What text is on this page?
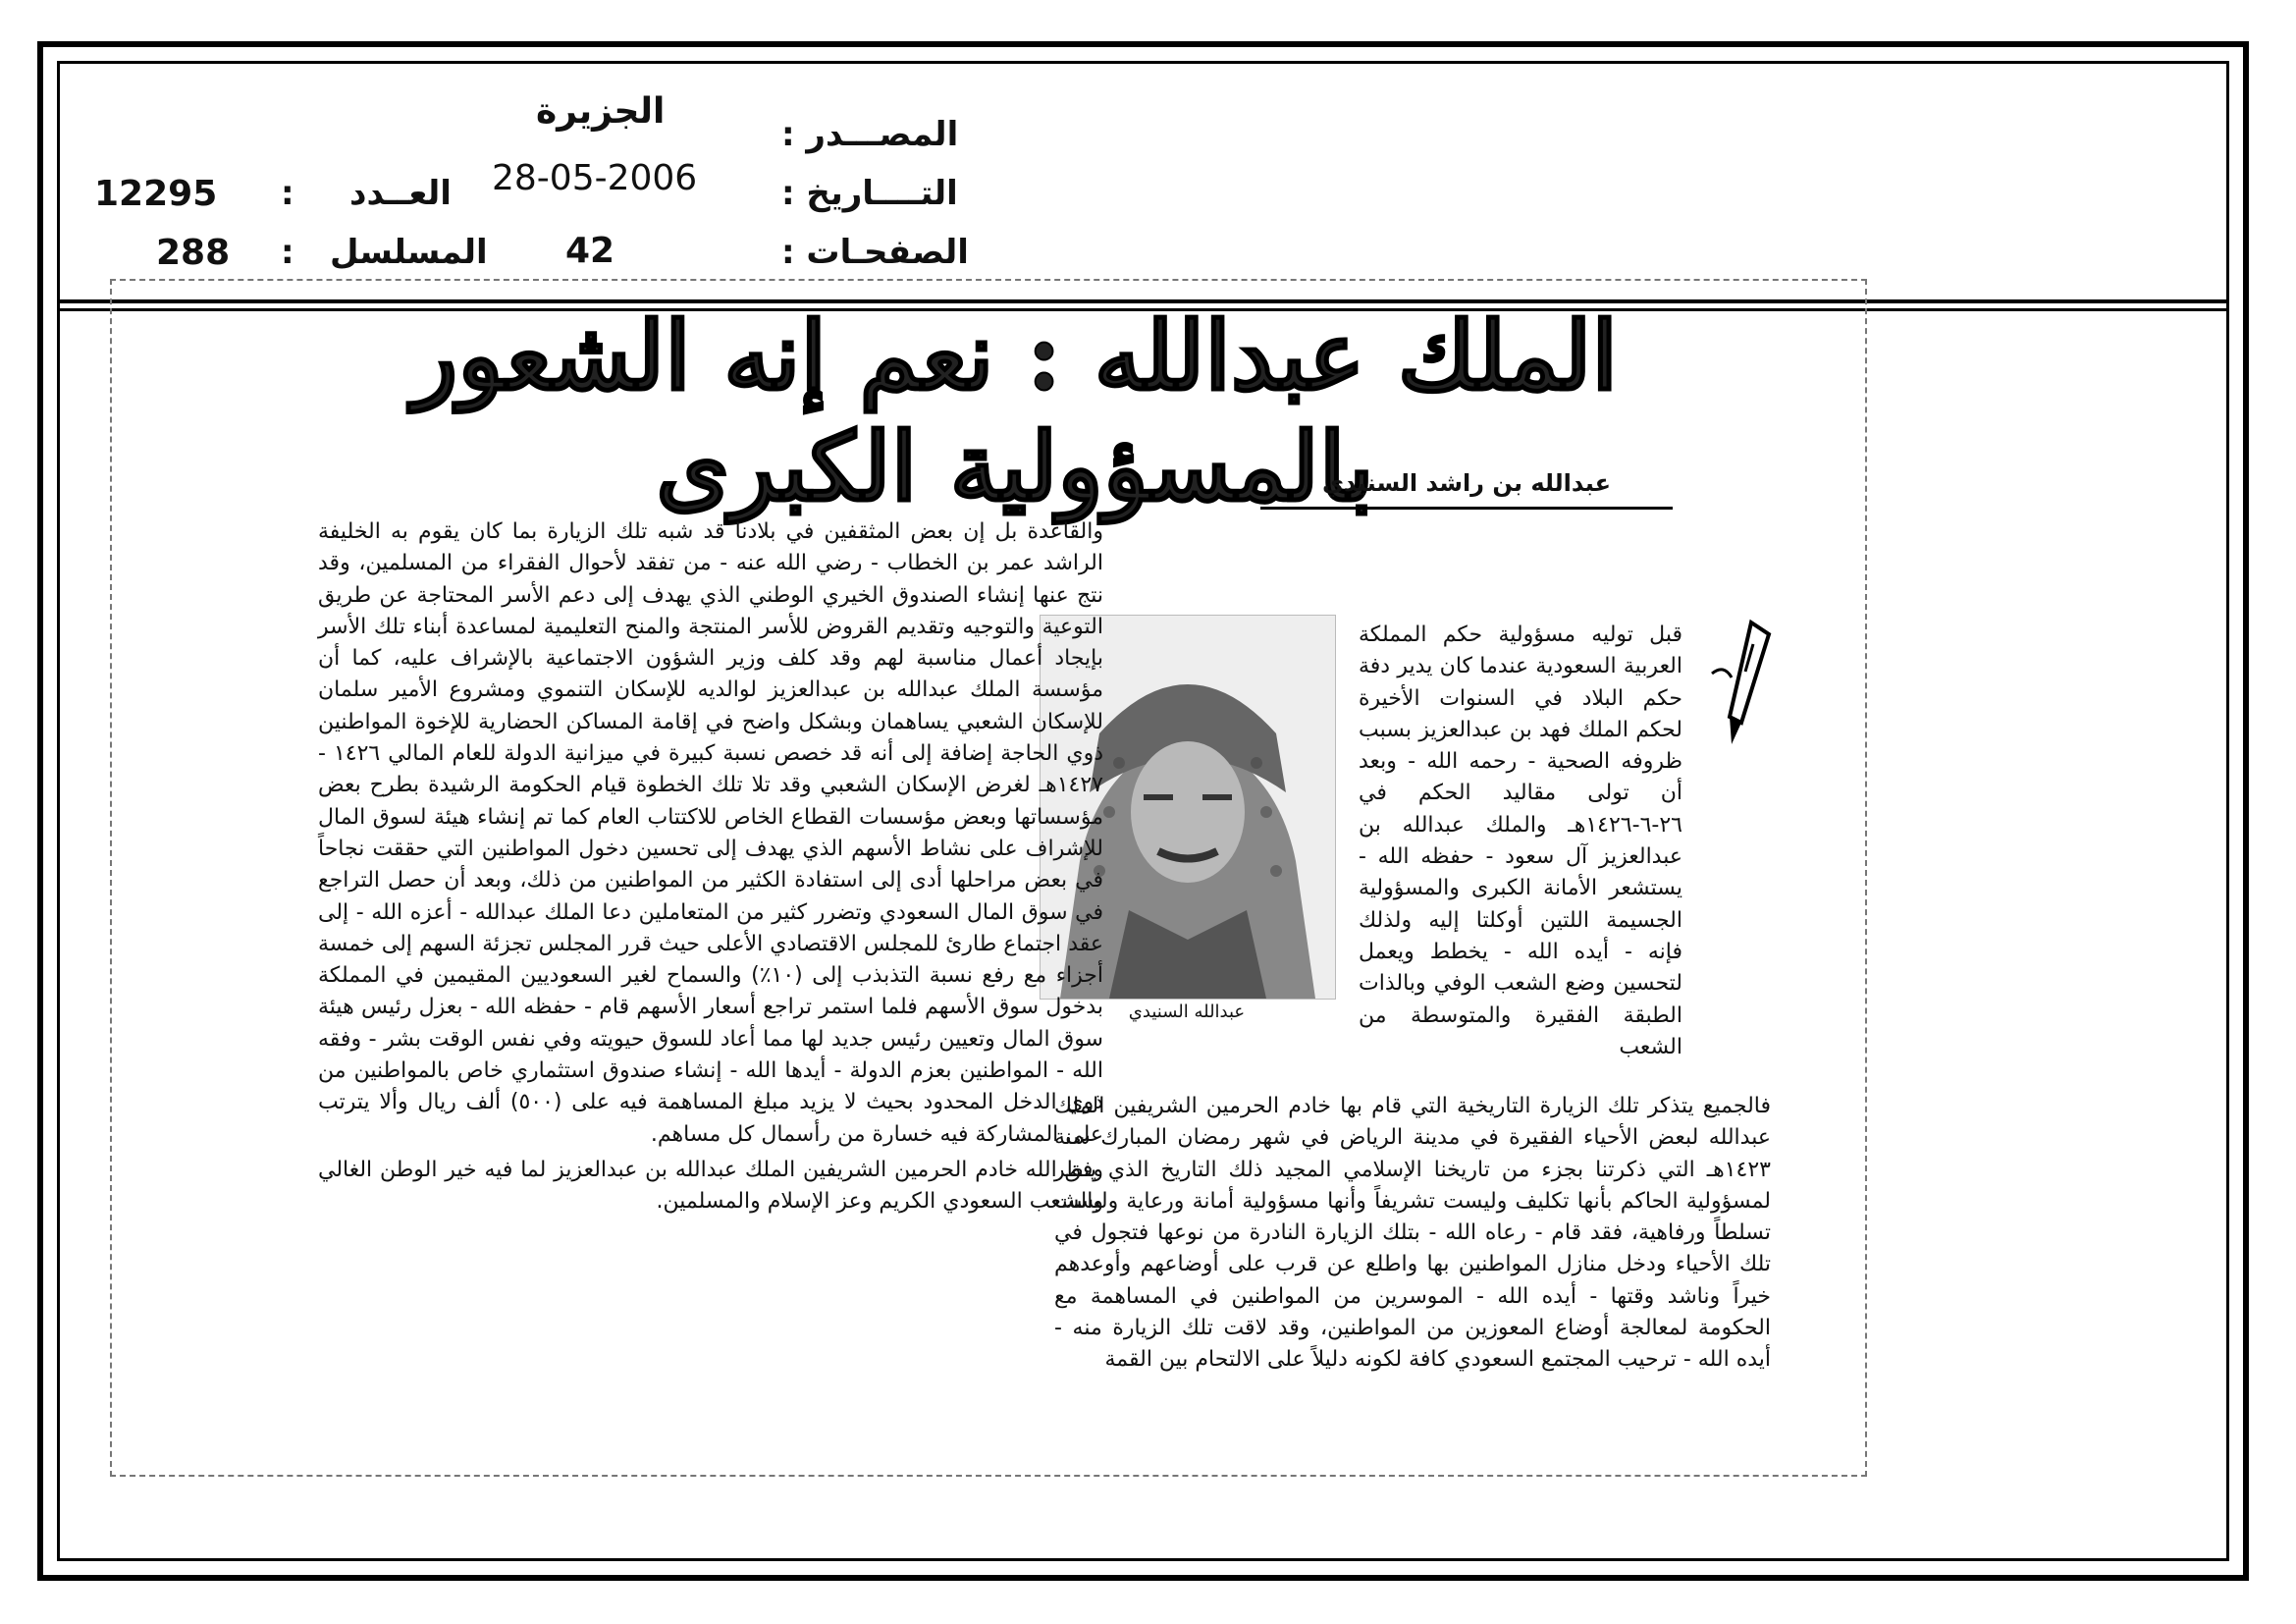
المصـــدر :
التــــاريخ :
الصفحـات :
الجزيرة
28-05-2006
42
العــدد
:
12295
المسلسل
:
288
الملك عبدالله : نعم إنه الشعور بالمسؤولية الكبرى
عبدالله بن راشد السنيدي

قبل توليه مسؤولية حكم المملكة العربية السعودية عندما كان يدير دفة حكم البلاد في السنوات الأخيرة لحكم الملك فهد بن عبدالعزيز بسبب ظروفه الصحية - رحمه الله - وبعد أن تولى مقاليد الحكم في ٢٦-٦-١٤٢٦هـ والملك عبدالله بن عبدالعزيز آل سعود - حفظه الله - يستشعر الأمانة الكبرى والمسؤولية الجسيمة اللتين أوكلتا إليه ولذلك فإنه - أيده الله - يخطط ويعمل لتحسين وضع الشعب الوفي وبالذات الطبقة الفقيرة والمتوسطة من الشعب

عبدالله السنيدي

فالجميع يتذكر تلك الزيارة التاريخية التي قام بها خادم الحرمين الشريفين الملك عبدالله لبعض الأحياء الفقيرة في مدينة الرياض في شهر رمضان المبارك سنة ١٤٢٣هـ التي ذكرتنا بجزء من تاريخنا الإسلامي المجيد ذلك التاريخ الذي ينظر لمسؤولية الحاكم بأنها تكليف وليست تشريفاً وأنها مسؤولية أمانة ورعاية وليست تسلطاً ورفاهية، فقد قام - رعاه الله - بتلك الزيارة النادرة من نوعها فتجول في تلك الأحياء ودخل منازل المواطنين بها واطلع عن قرب على أوضاعهم وأوعدهم خيراً وناشد وقتها - أيده الله - الموسرين من المواطنين في المساهمة مع الحكومة لمعالجة أوضاع المعوزين من المواطنين، وقد لاقت تلك الزيارة منه - أيده الله - ترحيب المجتمع السعودي كافة لكونه دليلاً على الالتحام بين القمة

والقاعدة بل إن بعض المثقفين في بلادنا قد شبه تلك الزيارة بما كان يقوم به الخليفة الراشد عمر بن الخطاب - رضي الله عنه - من تفقد لأحوال الفقراء من المسلمين، وقد نتج عنها إنشاء الصندوق الخيري الوطني الذي يهدف إلى دعم الأسر المحتاجة عن طريق التوعية والتوجيه وتقديم القروض للأسر المنتجة والمنح التعليمية لمساعدة أبناء تلك الأسر بإيجاد أعمال مناسبة لهم وقد كلف وزير الشؤون الاجتماعية بالإشراف عليه، كما أن مؤسسة الملك عبدالله بن عبدالعزيز لوالديه للإسكان التنموي ومشروع الأمير سلمان للإسكان الشعبي يساهمان وبشكل واضح في إقامة المساكن الحضارية للإخوة المواطنين ذوي الحاجة إضافة إلى أنه قد خصص نسبة كبيرة في ميزانية الدولة للعام المالي ١٤٢٦ - ١٤٢٧هـ لغرض الإسكان الشعبي وقد تلا تلك الخطوة قيام الحكومة الرشيدة بطرح بعض مؤسساتها وبعض مؤسسات القطاع الخاص للاكتتاب العام كما تم إنشاء هيئة لسوق المال للإشراف على نشاط الأسهم الذي يهدف إلى تحسين دخول المواطنين التي حققت نجاحاً في بعض مراحلها أدى إلى استفادة الكثير من المواطنين من ذلك، وبعد أن حصل التراجع في سوق المال السعودي وتضرر كثير من المتعاملين دعا الملك عبدالله - أعزه الله - إلى عقد اجتماع طارئ للمجلس الاقتصادي الأعلى حيث قرر المجلس تجزئة السهم إلى خمسة أجزاء مع رفع نسبة التذبذب إلى (١٠٪) والسماح لغير السعوديين المقيمين في المملكة بدخول سوق الأسهم فلما استمر تراجع أسعار الأسهم قام - حفظه الله - بعزل رئيس هيئة سوق المال وتعيين رئيس جديد لها مما أعاد للسوق حيويته وفي نفس الوقت بشر - وفقه الله - المواطنين بعزم الدولة - أيدها الله - إنشاء صندوق استثماري خاص بالمواطنين من ذوي الدخل المحدود بحيث لا يزيد مبلغ المساهمة فيه على (٥٠٠) ألف ريال وألا يترتب على المشاركة فيه خسارة من رأسمال كل مساهم.

وفق الله خادم الحرمين الشريفين الملك عبدالله بن عبدالعزيز لما فيه خير الوطن الغالي والشعب السعودي الكريم وعز الإسلام والمسلمين.
